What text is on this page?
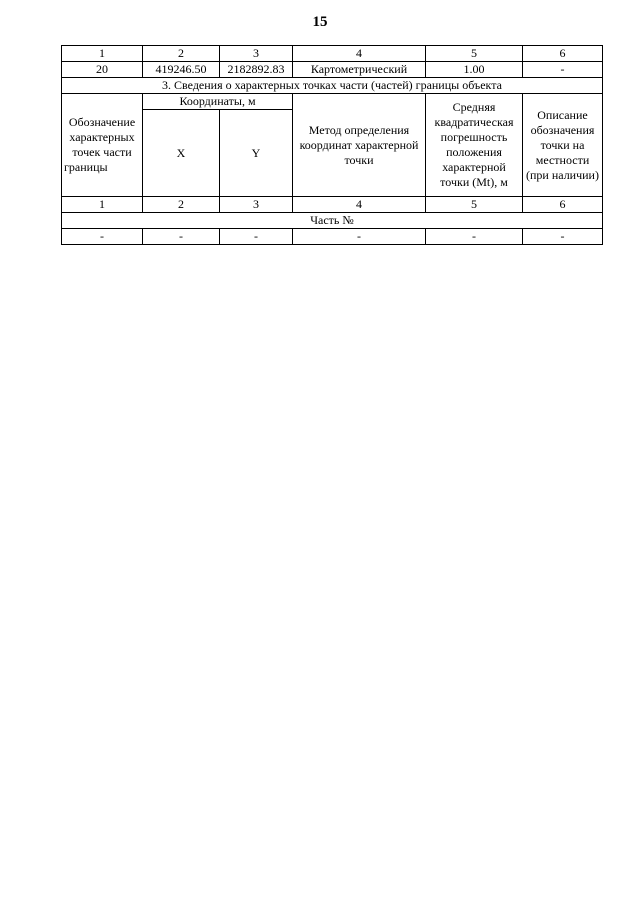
15
1	2	3	4	5	6
20	419246.50	2182892.83	Картометрический	1.00	-
3. Сведения о характерных точках части (частей) границы объекта					
Обозначение характерных точек части границы	Координаты, м		Метод определения координат характерной точки	Средняя квадратическая погрешность положения характерной точки (Mt), м	Описание обозначения точки на местности (при наличии)
	X	Y			
1	2	3	4	5	6
Часть №					
-	-	-	-	-	-
